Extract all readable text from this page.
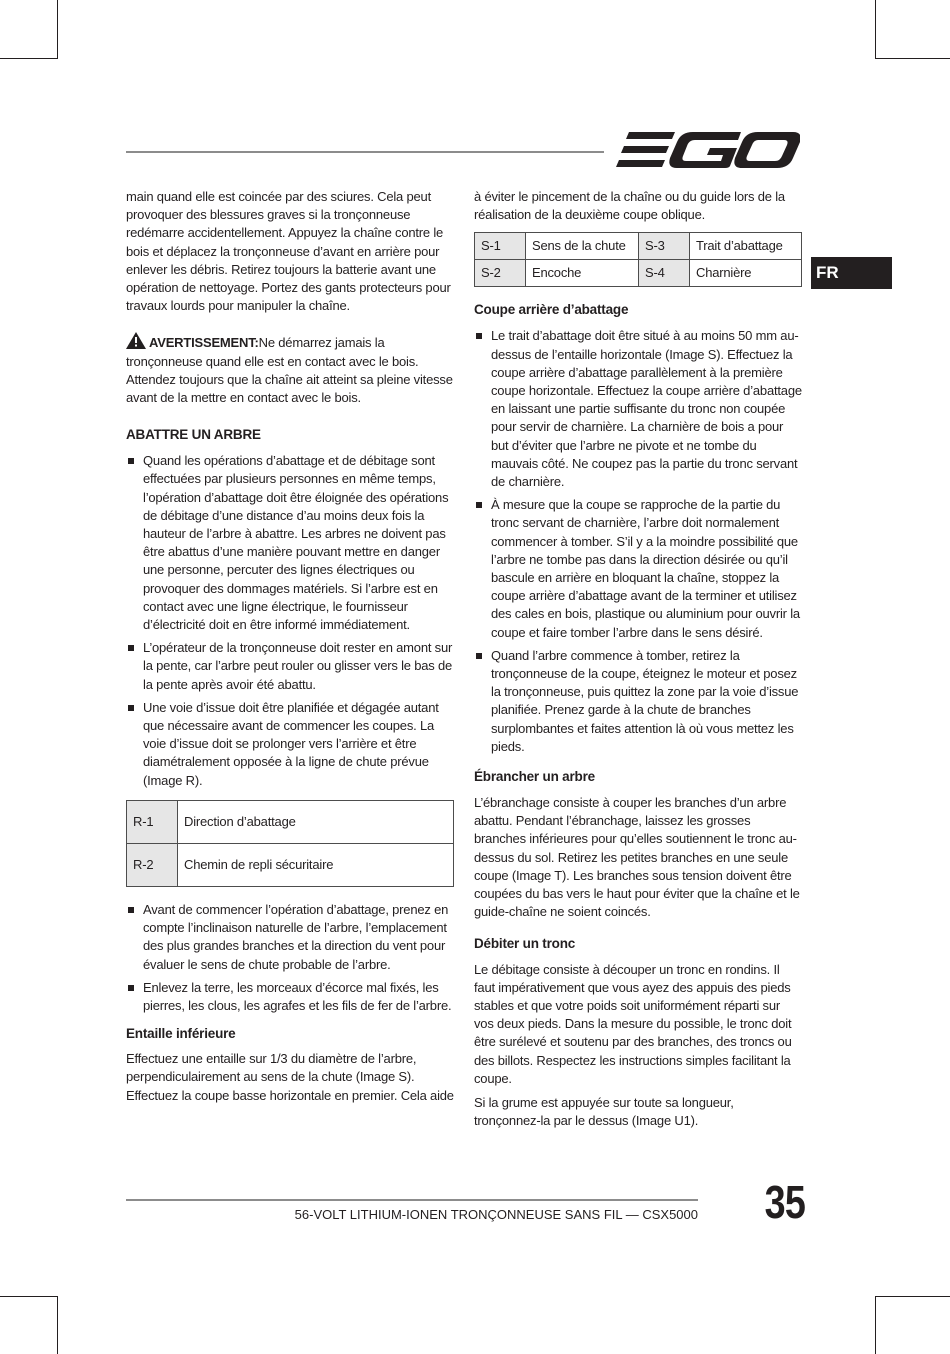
FR

main quand elle est coincée par des sciures. Cela peut provoquer des blessures graves si la tronçonneuse redémarre accidentellement. Appuyez la chaîne contre le bois et déplacez la tronçonneuse d’avant en arrière pour enlever les débris. Retirez toujours la batterie avant une opération de nettoyage. Portez des gants protecteurs pour travaux lourds pour manipuler la chaîne.

AVERTISSEMENT:Ne démarrez jamais la tronçonneuse quand elle est en contact avec le bois. Attendez toujours que la chaîne ait atteint sa pleine vitesse avant de la mettre en contact avec le bois.

ABATTRE UN ARBRE
Quand les opérations d’abattage et de débitage sont effectuées par plusieurs personnes en même temps, l’opération d’abattage doit être éloignée des opérations de débitage d’une distance d’au moins deux fois la hauteur de l’arbre à abattre. Les arbres ne doivent pas être abattus d’une manière pouvant mettre en danger une personne, percuter des lignes électriques ou provoquer des dommages matériels. Si l’arbre est en contact avec une ligne électrique, le fournisseur d’électricité doit en être informé immédiatement.
L’opérateur de la tronçonneuse doit rester en amont sur la pente, car l’arbre peut rouler ou glisser vers le bas de la pente après avoir été abattu.
Une voie d’issue doit être planifiée et dégagée autant que nécessaire avant de commencer les coupes. La voie d’issue doit se prolonger vers l’arrière et être diamétralement opposée à la ligne de chute prévue (Image R).
R-1	Direction d’abattage
R-2	Chemin de repli sécuritaire
Avant de commencer l’opération d’abattage, prenez en compte l’inclinaison naturelle de l’arbre, l’emplacement des plus grandes branches et la direction du vent pour évaluer le sens de chute probable de l’arbre.
Enlevez la terre, les morceaux d’écorce mal fixés, les pierres, les clous, les agrafes et les fils de fer de l’arbre.
Entaille inférieure

Effectuez une entaille sur 1/3 du diamètre de l’arbre, perpendiculairement au sens de la chute (Image S). Effectuez la coupe basse horizontale en premier. Cela aide

à éviter le pincement de la chaîne ou du guide lors de la réalisation de la deuxième coupe oblique.

S-1	Sens de la chute	S-3	Trait d’abattage
S-2	Encoche	S-4	Charnière
Coupe arrière d’abattage
Le trait d’abattage doit être situé à au moins 50 mm au-dessus de l’entaille horizontale (Image S). Effectuez la coupe arrière d’abattage parallèlement à la première coupe horizontale. Effectuez la coupe arrière d’abattage en laissant une partie suffisante du tronc non coupée pour servir de charnière. La charnière de bois a pour but d’éviter que l’arbre ne pivote et ne tombe du mauvais côté. Ne coupez pas la partie du tronc servant de charnière.
À mesure que la coupe se rapproche de la partie du tronc servant de charnière, l’arbre doit normalement commencer à tomber. S’il y a la moindre possibilité que l’arbre ne tombe pas dans la direction désirée ou qu’il bascule en arrière en bloquant la chaîne, stoppez la coupe arrière d’abattage avant de la terminer et utilisez des cales en bois, plastique ou aluminium pour ouvrir la coupe et faire tomber l’arbre dans le sens désiré.
Quand l’arbre commence à tomber, retirez la tronçonneuse de la coupe, éteignez le moteur et posez la tronçonneuse, puis quittez la zone par la voie d’issue planifiée. Prenez garde à la chute de branches surplombantes et faites attention là où vous mettez les pieds.
Ébrancher un arbre

L’ébranchage consiste à couper les branches d’un arbre abattu. Pendant l’ébranchage, laissez les grosses branches inférieures pour qu’elles soutiennent le tronc au-dessus du sol. Retirez les petites branches en une seule coupe (Image T). Les branches sous tension doivent être coupées du bas vers le haut pour éviter que la chaîne et le guide-chaîne ne soient coincés.

Débiter un tronc

Le débitage consiste à découper un tronc en rondins. Il faut impérativement que vous ayez des appuis des pieds stables et que votre poids soit uniformément réparti sur vos deux pieds. Dans la mesure du possible, le tronc doit être surélevé et soutenu par des branches, des troncs ou des billots. Respectez les instructions simples facilitant la coupe.

Si la grume est appuyée sur toute sa longueur, tronçonnez-la par le dessus (Image U1).

56-VOLT LITHIUM-IONEN TRONÇONNEUSE SANS FIL — CSX5000 35
